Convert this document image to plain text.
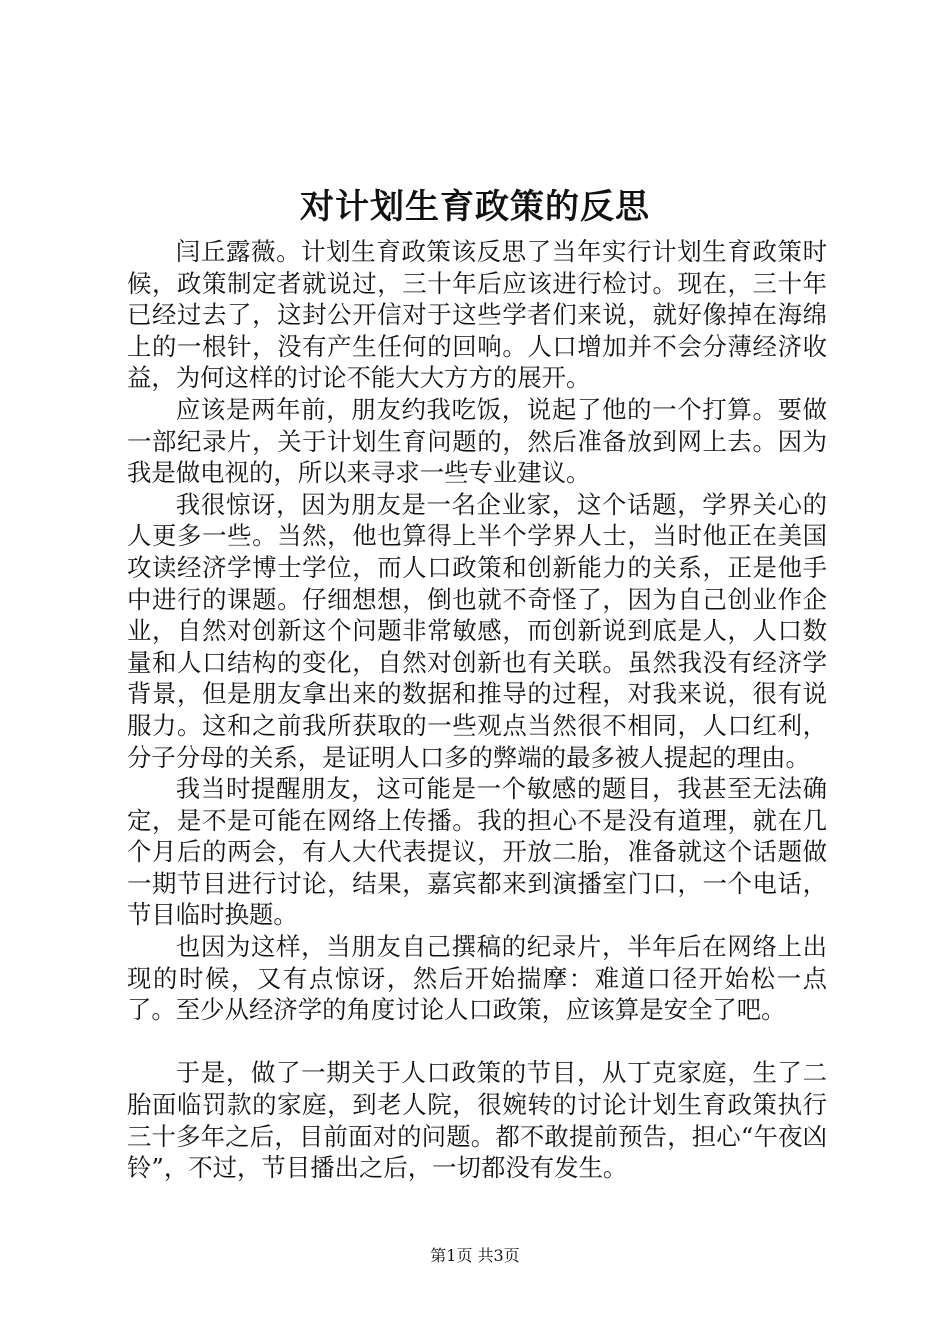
对计划生育政策的反思

闫丘露薇。计划生育政策该反思了当年实行计划生育政策时候，政策制定者就说过，三十年后应该进行检讨。现在，三十年已经过去了，这封公开信对于这些学者们来说，就好像掉在海绵上的一根针，没有产生任何的回响。人口增加并不会分薄经济收益，为何这样的讨论不能大大方方的展开。

应该是两年前，朋友约我吃饭，说起了他的一个打算。要做一部纪录片，关于计划生育问题的，然后准备放到网上去。因为我是做电视的，所以来寻求一些专业建议。

我很惊讶，因为朋友是一名企业家，这个话题，学界关心的人更多一些。当然，他也算得上半个学界人士，当时他正在美国攻读经济学博士学位，而人口政策和创新能力的关系，正是他手中进行的课题。仔细想想，倒也就不奇怪了，因为自己创业作企业，自然对创新这个问题非常敏感，而创新说到底是人，人口数量和人口结构的变化，自然对创新也有关联。虽然我没有经济学背景，但是朋友拿出来的数据和推导的过程，对我来说，很有说服力。这和之前我所获取的一些观点当然很不相同，人口红利，分子分母的关系，是证明人口多的弊端的最多被人提起的理由。

我当时提醒朋友，这可能是一个敏感的题目，我甚至无法确定，是不是可能在网络上传播。我的担心不是没有道理，就在几个月后的两会，有人大代表提议，开放二胎，准备就这个话题做一期节目进行讨论，结果，嘉宾都来到演播室门口，一个电话，节目临时换题。

也因为这样，当朋友自己撰稿的纪录片，半年后在网络上出现的时候，又有点惊讶，然后开始揣摩：难道口径开始松一点了。至少从经济学的角度讨论人口政策，应该算是安全了吧。

于是，做了一期关于人口政策的节目，从丁克家庭，生了二胎面临罚款的家庭，到老人院，很婉转的讨论计划生育政策执行三十多年之后，目前面对的问题。都不敢提前预告，担心“午夜凶铃”，不过，节目播出之后，一切都没有发生。

第1页 共3页
